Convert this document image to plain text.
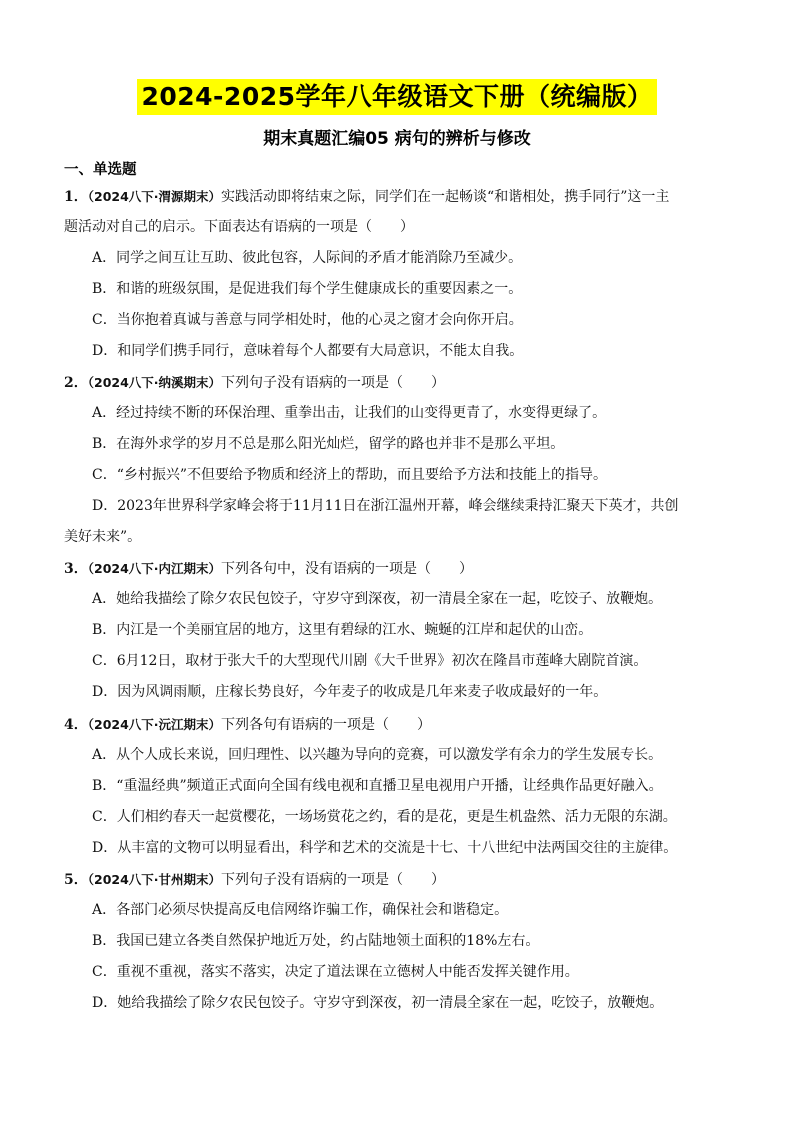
2024-2025学年八年级语文下册（统编版）
期末真题汇编05 病句的辨析与修改
一、单选题
1．（2024八下·渭源期末）实践活动即将结束之际，同学们在一起畅谈“和谐相处，携手同行”这一主
题活动对自己的启示。下面表达有语病的一项是（　　）
A．同学之间互让互助、彼此包容，人际间的矛盾才能消除乃至减少。
B．和谐的班级氛围，是促进我们每个学生健康成长的重要因素之一。
C．当你抱着真诚与善意与同学相处时，他的心灵之窗才会向你开启。
D．和同学们携手同行，意味着每个人都要有大局意识，不能太自我。
2．（2024八下·纳溪期末）下列句子没有语病的一项是（　　）
A．经过持续不断的环保治理、重拳出击，让我们的山变得更青了，水变得更绿了。
B．在海外求学的岁月不总是那么阳光灿烂，留学的路也并非不是那么平坦。
C．“乡村振兴”不但要给予物质和经济上的帮助，而且要给予方法和技能上的指导。
D．2023年世界科学家峰会将于11月11日在浙江温州开幕，峰会继续秉持汇聚天下英才，共创
美好未来”。
3．（2024八下·内江期末）下列各句中，没有语病的一项是（　　）
A．她给我描绘了除夕农民包饺子，守岁守到深夜，初一清晨全家在一起，吃饺子、放鞭炮。
B．内江是一个美丽宜居的地方，这里有碧绿的江水、蜿蜒的江岸和起伏的山峦。
C．6月12日，取材于张大千的大型现代川剧《大千世界》初次在隆昌市莲峰大剧院首演。
D．因为风调雨顺，庄稼长势良好，今年麦子的收成是几年来麦子收成最好的一年。
4．（2024八下·沅江期末）下列各句有语病的一项是（　　）
A．从个人成长来说，回归理性、以兴趣为导向的竞赛，可以激发学有余力的学生发展专长。
B．“重温经典”频道正式面向全国有线电视和直播卫星电视用户开播，让经典作品更好融入。
C．人们相约春天一起赏樱花，一场场赏花之约，看的是花，更是生机盎然、活力无限的东湖。
D．从丰富的文物可以明显看出，科学和艺术的交流是十七、十八世纪中法两国交往的主旋律。
5．（2024八下·甘州期末）下列句子没有语病的一项是（　　）
A．各部门必须尽快提高反电信网络诈骗工作，确保社会和谐稳定。
B．我国已建立各类自然保护地近万处，约占陆地领土面积的18%左右。
C．重视不重视，落实不落实，决定了道法课在立德树人中能否发挥关键作用。
D．她给我描绘了除夕农民包饺子。守岁守到深夜，初一清晨全家在一起，吃饺子，放鞭炮。
